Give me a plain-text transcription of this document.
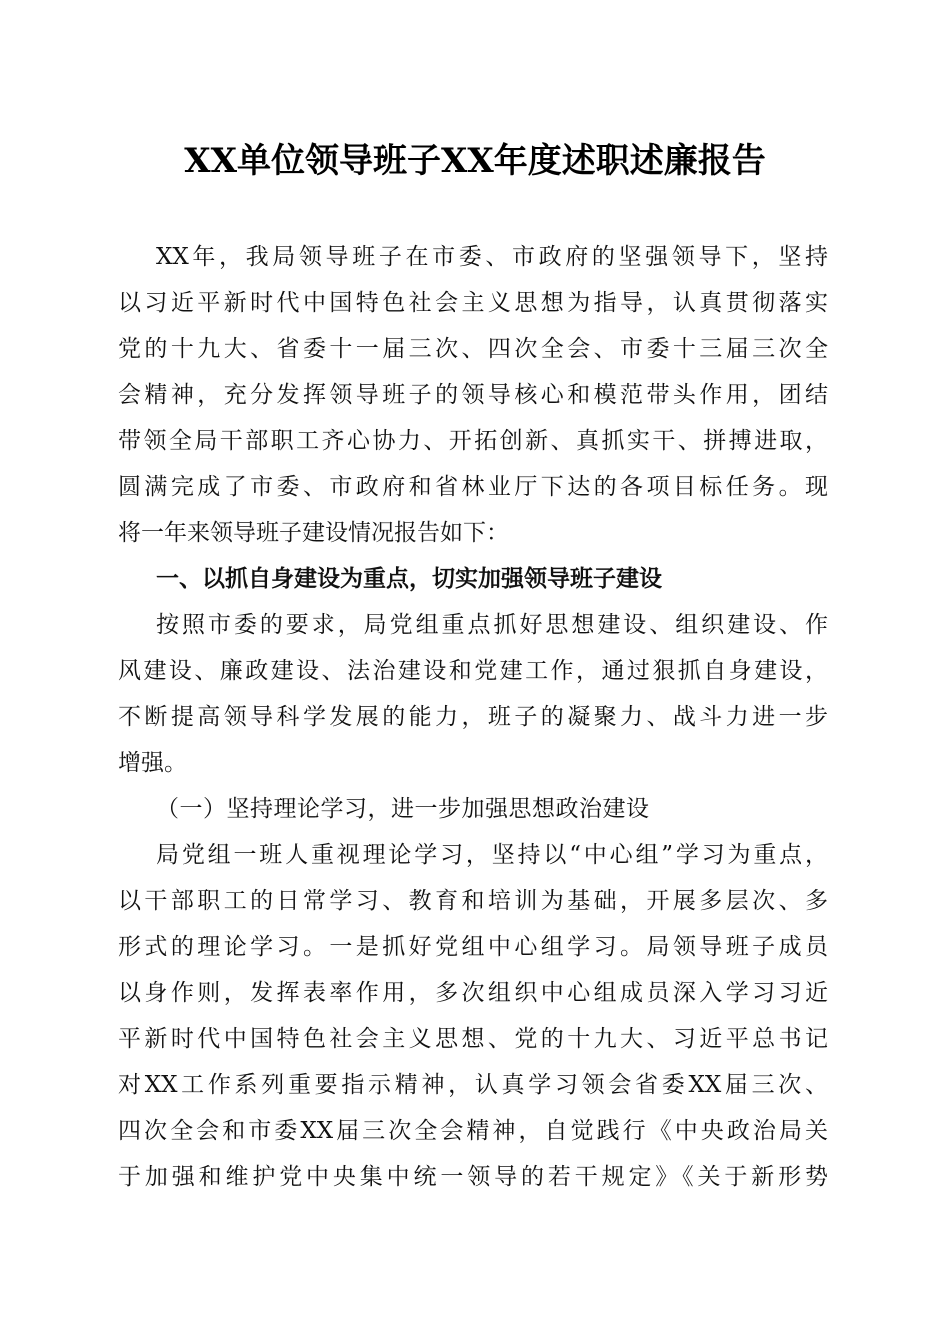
XX单位领导班子XX年度述职述廉报告
XX年，我局领导班子在市委、市政府的坚强领导下，坚持
以习近平新时代中国特色社会主义思想为指导，认真贯彻落实
党的十九大、省委十一届三次、四次全会、市委十三届三次全
会精神，充分发挥领导班子的领导核心和模范带头作用，团结
带领全局干部职工齐心协力、开拓创新、真抓实干、拼搏进取，
圆满完成了市委、市政府和省林业厅下达的各项目标任务。现
将一年来领导班子建设情况报告如下：
一、以抓自身建设为重点，切实加强领导班子建设
按照市委的要求，局党组重点抓好思想建设、组织建设、作
风建设、廉政建设、法治建设和党建工作，通过狠抓自身建设，
不断提高领导科学发展的能力，班子的凝聚力、战斗力进一步
增强。
（一）坚持理论学习，进一步加强思想政治建设
局党组一班人重视理论学习，坚持以“中心组”学习为重点，
以干部职工的日常学习、教育和培训为基础，开展多层次、多
形式的理论学习。一是抓好党组中心组学习。局领导班子成员
以身作则，发挥表率作用，多次组织中心组成员深入学习习近
平新时代中国特色社会主义思想、党的十九大、习近平总书记
对XX工作系列重要指示精神，认真学习领会省委XX届三次、
四次全会和市委XX届三次全会精神，自觉践行《中央政治局关
于加强和维护党中央集中统一领导的若干规定》《关于新形势
